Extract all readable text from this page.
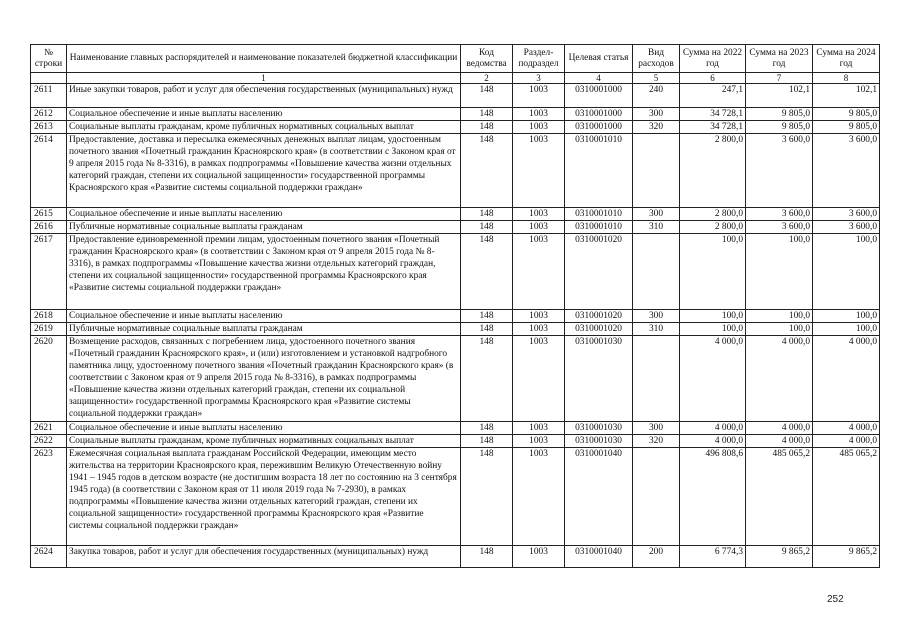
№ строки	Наименование главных распорядителей и наименование показателей бюджетной классификации	Код ведомства	Раздел-подраздел	Целевая статья	Вид расходов	Сумма на 2022 год	Сумма на 2023 год	Сумма на 2024 год
	1	2	3	4	5	6	7	8
2611	Иные закупки товаров, работ и услуг для обеспечения государственных (муниципальных) нужд	148	1003	0310001000	240	247,1	102,1	102,1
2612	Социальное обеспечение и иные выплаты населению	148	1003	0310001000	300	34 728,1	9 805,0	9 805,0
2613	Социальные выплаты гражданам, кроме публичных нормативных социальных выплат	148	1003	0310001000	320	34 728,1	9 805,0	9 805,0
2614	Предоставление, доставка и пересылка ежемесячных денежных выплат лицам, удостоенным почетного звания «Почетный гражданин Красноярского края» (в соответствии с Законом края от 9 апреля 2015 года № 8-3316), в рамках подпрограммы «Повышение качества жизни отдельных категорий граждан, степени их социальной защищенности» государственной программы Красноярского края «Развитие системы социальной поддержки граждан»	148	1003	0310001010		2 800,0	3 600,0	3 600,0
2615	Социальное обеспечение и иные выплаты населению	148	1003	0310001010	300	2 800,0	3 600,0	3 600,0
2616	Публичные нормативные социальные выплаты гражданам	148	1003	0310001010	310	2 800,0	3 600,0	3 600,0
2617	Предоставление единовременной премии лицам, удостоенным почетного звания «Почетный гражданин Красноярского края» (в соответствии с Законом края от 9 апреля 2015 года № 8-3316), в рамках подпрограммы «Повышение качества жизни отдельных категорий граждан, степени их социальной защищенности» государственной программы Красноярского края «Развитие системы социальной поддержки граждан»	148	1003	0310001020		100,0	100,0	100,0
2618	Социальное обеспечение и иные выплаты населению	148	1003	0310001020	300	100,0	100,0	100,0
2619	Публичные нормативные социальные выплаты гражданам	148	1003	0310001020	310	100,0	100,0	100,0
2620	Возмещение расходов, связанных с погребением лица, удостоенного почетного звания «Почетный гражданин Красноярского края», и (или) изготовлением и установкой надгробного памятника лицу, удостоенному почетного звания «Почетный гражданин Красноярского края» (в соответствии с Законом края от 9 апреля 2015 года № 8-3316), в рамках подпрограммы «Повышение качества жизни отдельных категорий граждан, степени их социальной защищенности» государственной программы Красноярского края «Развитие системы социальной поддержки граждан»	148	1003	0310001030		4 000,0	4 000,0	4 000,0
2621	Социальное обеспечение и иные выплаты населению	148	1003	0310001030	300	4 000,0	4 000,0	4 000,0
2622	Социальные выплаты гражданам, кроме публичных нормативных социальных выплат	148	1003	0310001030	320	4 000,0	4 000,0	4 000,0
2623	Ежемесячная социальная выплата гражданам Российской Федерации, имеющим место жительства на территории Красноярского края, пережившим Великую Отечественную войну 1941 – 1945 годов в детском возрасте (не достигшим возраста 18 лет по состоянию на 3 сентября 1945 года) (в соответствии с Законом края от 11 июля 2019 года № 7-2930), в рамках подпрограммы «Повышение качества жизни отдельных категорий граждан, степени их социальной защищенности» государственной программы Красноярского края «Развитие системы социальной поддержки граждан»	148	1003	0310001040		496 808,6	485 065,2	485 065,2
2624	Закупка товаров, работ и услуг для обеспечения государственных (муниципальных) нужд	148	1003	0310001040	200	6 774,3	9 865,2	9 865,2
252
